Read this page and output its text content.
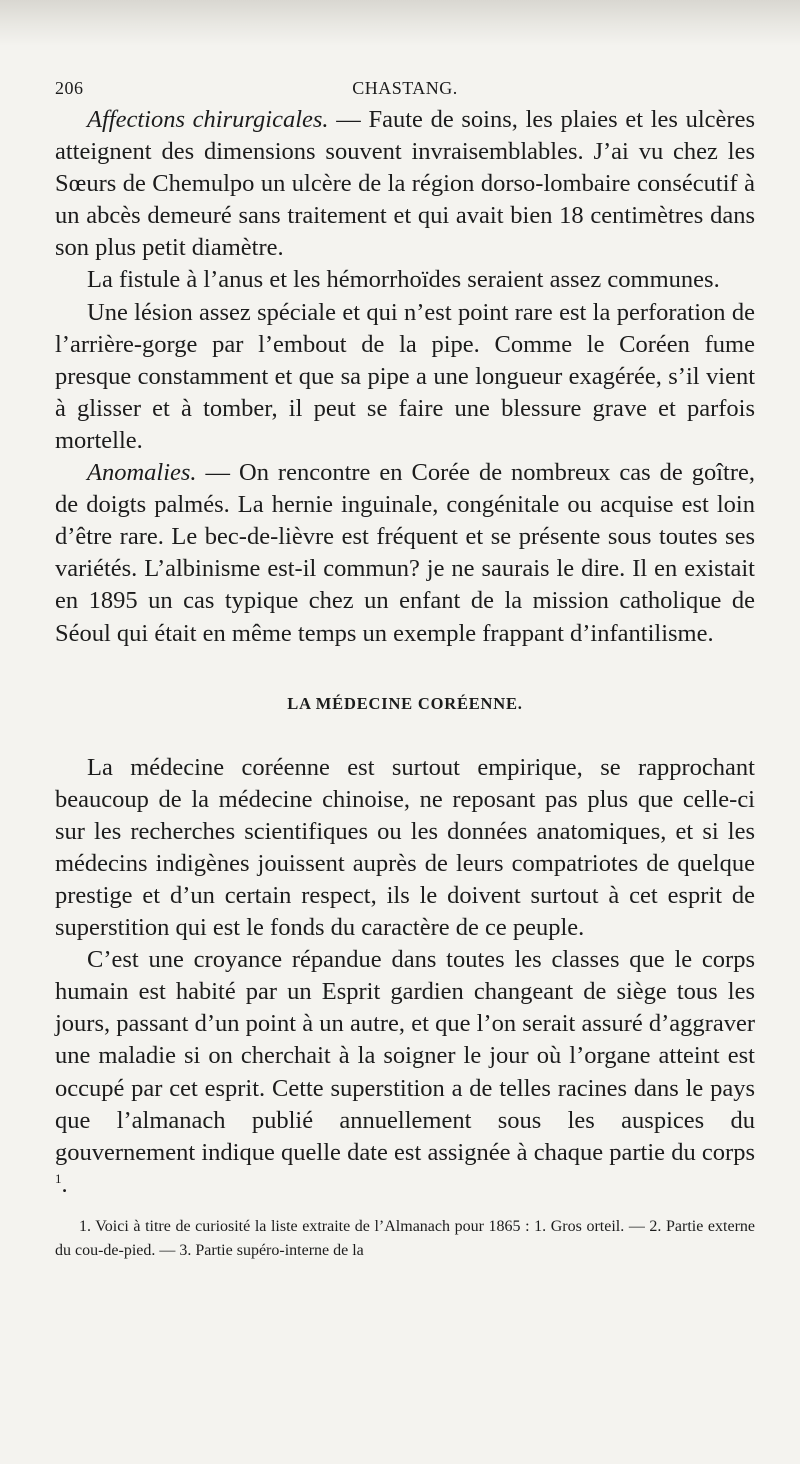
206	CHASTANG.

Affections chirurgicales. — Faute de soins, les plaies et les ulcères atteignent des dimensions souvent invraisemblables. J’ai vu chez les Sœurs de Chemulpo un ulcère de la région dorso-lombaire consécutif à un abcès demeuré sans traitement et qui avait bien 18 centimètres dans son plus petit diamètre.

La fistule à l’anus et les hémorrhoïdes seraient assez communes.

Une lésion assez spéciale et qui n’est point rare est la perforation de l’arrière-gorge par l’embout de la pipe. Comme le Coréen fume presque constamment et que sa pipe a une longueur exagérée, s’il vient à glisser et à tomber, il peut se faire une blessure grave et parfois mortelle.

Anomalies. — On rencontre en Corée de nombreux cas de goître, de doigts palmés. La hernie inguinale, congénitale ou acquise est loin d’être rare. Le bec-de-lièvre est fréquent et se présente sous toutes ses variétés. L’albinisme est-il commun? je ne saurais le dire. Il en existait en 1895 un cas typique chez un enfant de la mission catholique de Séoul qui était en même temps un exemple frappant d’infantilisme.

LA MÉDECINE CORÉENNE.

La médecine coréenne est surtout empirique, se rapprochant beaucoup de la médecine chinoise, ne reposant pas plus que celle-ci sur les recherches scientifiques ou les données anatomiques, et si les médecins indigènes jouissent auprès de leurs compatriotes de quelque prestige et d’un certain respect, ils le doivent surtout à cet esprit de superstition qui est le fonds du caractère de ce peuple.

C’est une croyance répandue dans toutes les classes que le corps humain est habité par un Esprit gardien changeant de siège tous les jours, passant d’un point à un autre, et que l’on serait assuré d’aggraver une maladie si on cherchait à la soigner le jour où l’organe atteint est occupé par cet esprit. Cette superstition a de telles racines dans le pays que l’almanach publié annuellement sous les auspices du gouvernement indique quelle date est assignée à chaque partie du corps $^1$.

1. Voici à titre de curiosité la liste extraite de l’Almanach pour 1865 : 1. Gros orteil. — 2. Partie externe du cou-de-pied. — 3. Partie supéro-interne de la
